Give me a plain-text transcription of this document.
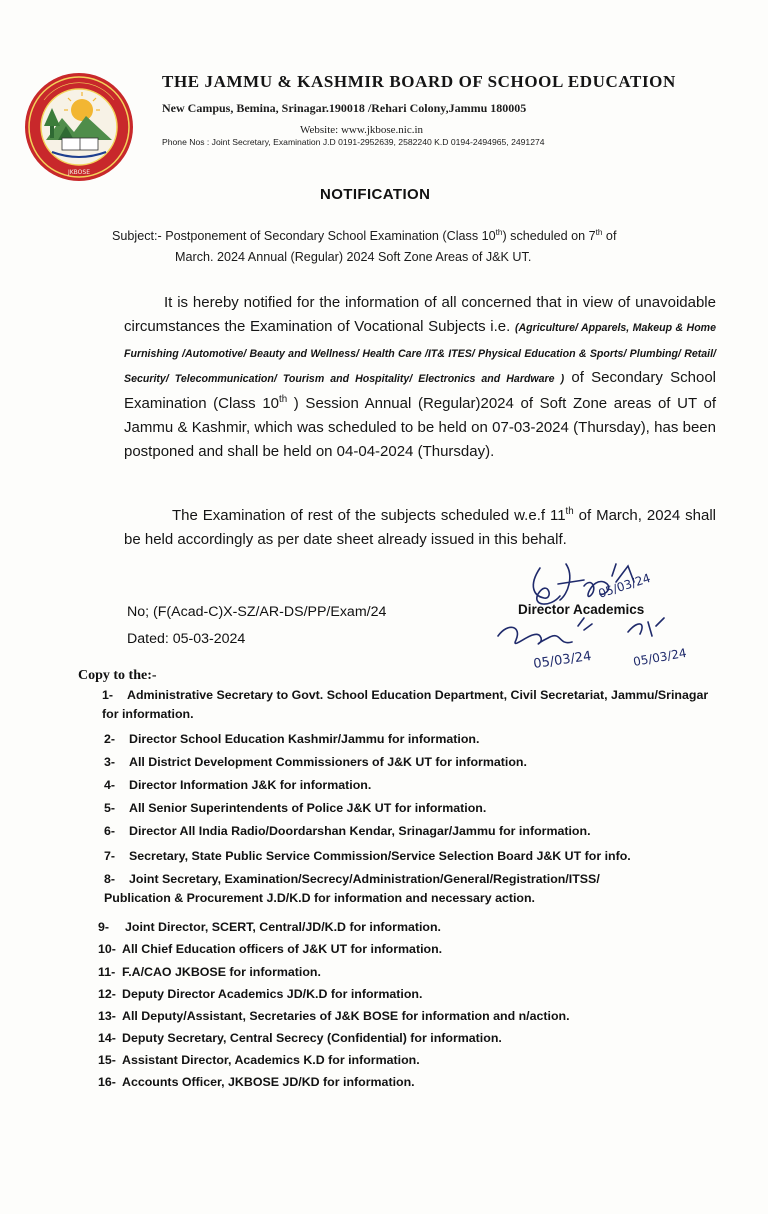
JKBOSE
THE JAMMU & KASHMIR BOARD OF SCHOOL EDUCATION
New Campus, Bemina, Srinagar.190018 /Rehari Colony,Jammu 180005
Website: www.jkbose.nic.in
Phone Nos : Joint Secretary, Examination J.D 0191-2952639, 2582240 K.D 0194-2494965, 2491274
NOTIFICATION
Subject:- Postponement of Secondary School Examination (Class 10th) scheduled on 7th of
March. 2024 Annual (Regular) 2024 Soft Zone Areas of J&K UT.
It is hereby notified for the information of all concerned that in view of unavoidable circumstances the Examination of Vocational Subjects i.e. (Agriculture/ Apparels, Makeup & Home Furnishing /Automotive/ Beauty and Wellness/ Health Care /IT& ITES/ Physical Education & Sports/ Plumbing/ Retail/ Security/ Telecommunication/ Tourism and Hospitality/ Electronics and Hardware ) of Secondary School Examination (Class 10th ) Session Annual (Regular)2024 of Soft Zone areas of UT of Jammu & Kashmir, which was scheduled to be held on 07-03-2024 (Thursday), has been postponed and shall be held on 04-04-2024 (Thursday).
The Examination of rest of the subjects scheduled w.e.f 11th of March, 2024 shall be held accordingly as per date sheet already issued in this behalf.
No; (F(Acad-C)X-SZ/AR-DS/PP/Exam/24
Dated: 05-03-2024
05/03/24
05/03/24	05/03/24
Director Academics
Copy to the:-
1- Administrative Secretary to Govt. School Education Department, Civil Secretariat, Jammu/Srinagar for information.
2- Director School Education Kashmir/Jammu for information.
3- All District Development Commissioners of J&K UT for information.
4- Director Information J&K for information.
5- All Senior Superintendents of Police J&K UT for information.
6- Director All India Radio/Doordarshan Kendar, Srinagar/Jammu for information.
7- Secretary, State Public Service Commission/Service Selection Board J&K UT for info.
8- Joint Secretary, Examination/Secrecy/Administration/General/Registration/ITSS/ Publication & Procurement J.D/K.D for information and necessary action.
9- Joint Director, SCERT, Central/JD/K.D for information.
10- All Chief Education officers of J&K UT for information.
11- F.A/CAO JKBOSE for information.
12- Deputy Director Academics JD/K.D for information.
13- All Deputy/Assistant, Secretaries of J&K BOSE for information and n/action.
14- Deputy Secretary, Central Secrecy (Confidential) for information.
15- Assistant Director, Academics K.D for information.
16- Accounts Officer, JKBOSE JD/KD for information.
